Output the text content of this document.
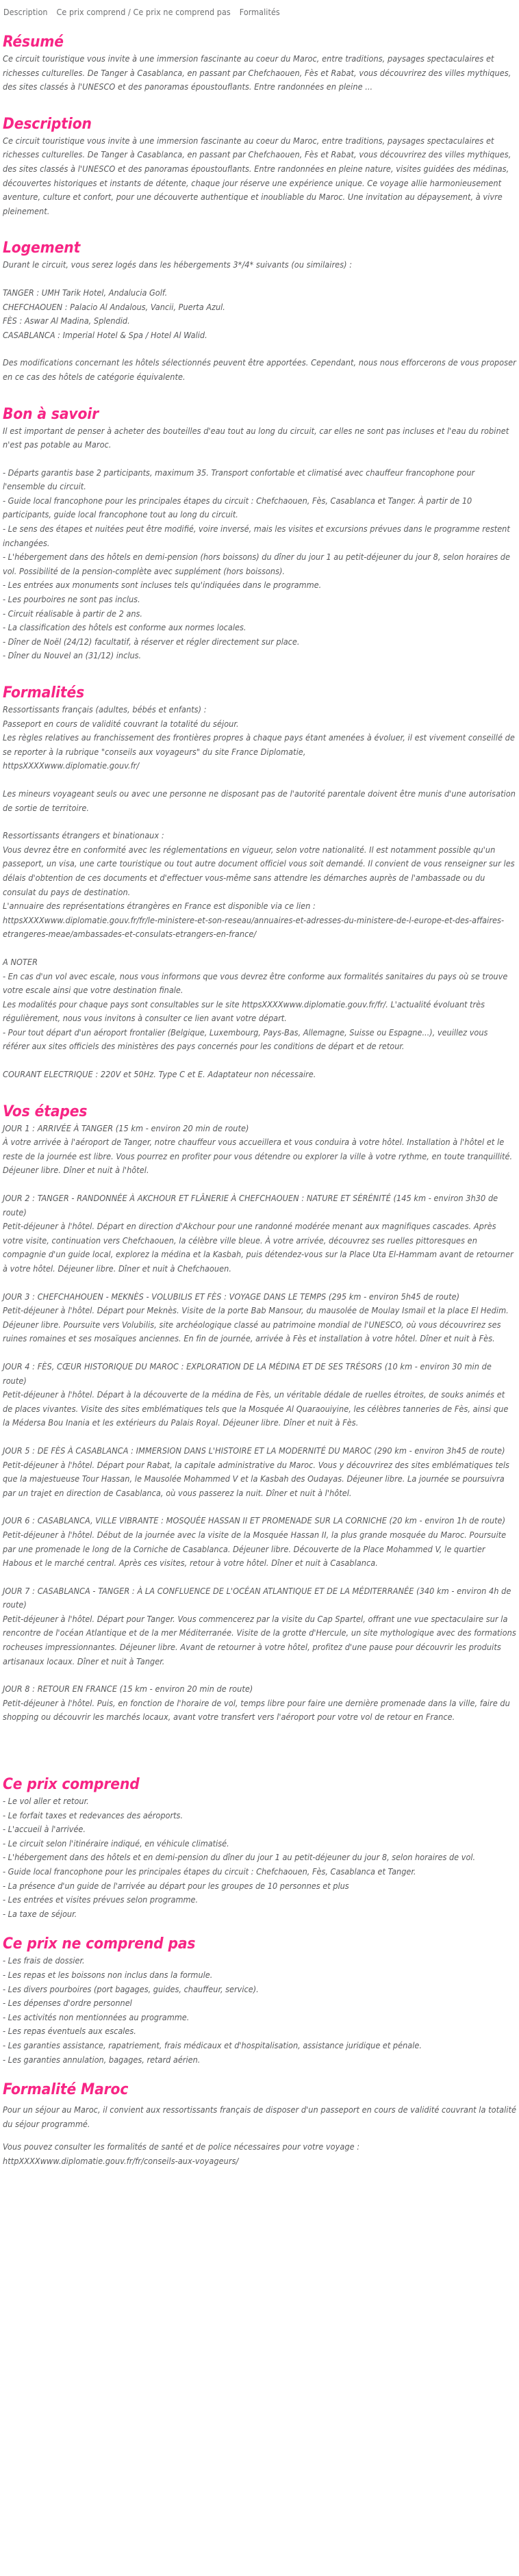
Description Ce prix comprend / Ce prix ne comprend pas Formalités
Résumé

Ce circuit touristique vous invite à une immersion fascinante au coeur du Maroc, entre traditions, paysages spectaculaires et richesses culturelles. De Tanger à Casablanca, en passant par Chefchaouen, Fès et Rabat, vous découvrirez des villes mythiques, des sites classés à l'UNESCO et des panoramas époustouflants. Entre randonnées en pleine ...

Description

Ce circuit touristique vous invite à une immersion fascinante au coeur du Maroc, entre traditions, paysages spectaculaires et richesses culturelles. De Tanger à Casablanca, en passant par Chefchaouen, Fès et Rabat, vous découvrirez des villes mythiques, des sites classés à l'UNESCO et des panoramas époustouflants. Entre randonnées en pleine nature, visites guidées des médinas, découvertes historiques et instants de détente, chaque jour réserve une expérience unique. Ce voyage allie harmonieusement aventure, culture et confort, pour une découverte authentique et inoubliable du Maroc. Une invitation au dépaysement, à vivre pleinement.

Logement

Durant le circuit, vous serez logés dans les hébergements 3*/4* suivants (ou similaires) :

TANGER : UMH Tarik Hotel, Andalucia Golf.
CHEFCHAOUEN : Palacio Al Andalous, Vancii, Puerta Azul.
FÈS : Aswar Al Madina, Splendid.
CASABLANCA : Imperial Hotel & Spa / Hotel Al Walid.

Des modifications concernant les hôtels sélectionnés peuvent être apportées. Cependant, nous nous efforcerons de vous proposer en ce cas des hôtels de catégorie équivalente.

Bon à savoir

Il est important de penser à acheter des bouteilles d'eau tout au long du circuit, car elles ne sont pas incluses et l'eau du robinet n'est pas potable au Maroc.

- Départs garantis base 2 participants, maximum 35. Transport confortable et climatisé avec chauffeur francophone pour l'ensemble du circuit.
- Guide local francophone pour les principales étapes du circuit : Chefchaouen, Fès, Casablanca et Tanger. À partir de 10 participants, guide local francophone tout au long du circuit.
- Le sens des étapes et nuitées peut être modifié, voire inversé, mais les visites et excursions prévues dans le programme restent inchangées.
- L'hébergement dans des hôtels en demi-pension (hors boissons) du dîner du jour 1 au petit-déjeuner du jour 8, selon horaires de vol. Possibilité de la pension-complète avec supplément (hors boissons).
- Les entrées aux monuments sont incluses tels qu'indiquées dans le programme.
- Les pourboires ne sont pas inclus.
- Circuit réalisable à partir de 2 ans.
- La classification des hôtels est conforme aux normes locales.
- Dîner de Noël (24/12) facultatif, à réserver et régler directement sur place.
- Dîner du Nouvel an (31/12) inclus.
Formalités

Ressortissants français (adultes, bébés et enfants) :

Passeport en cours de validité couvrant la totalité du séjour.

Les règles relatives au franchissement des frontières propres à chaque pays étant amenées à évoluer, il est vivement conseillé de se reporter à la rubrique "conseils aux voyageurs" du site France Diplomatie,

httpsXXXXwww.diplomatie.gouv.fr/

Les mineurs voyageant seuls ou avec une personne ne disposant pas de l'autorité parentale doivent être munis d'une autorisation de sortie de territoire.

Ressortissants étrangers et binationaux :

Vous devrez être en conformité avec les réglementations en vigueur, selon votre nationalité. Il est notamment possible qu'un passeport, un visa, une carte touristique ou tout autre document officiel vous soit demandé. Il convient de vous renseigner sur les délais d'obtention de ces documents et d'effectuer vous-même sans attendre les démarches auprès de l'ambassade ou du consulat du pays de destination.

L'annuaire des représentations étrangères en France est disponible via ce lien :

httpsXXXXwww.diplomatie.gouv.fr/fr/le-ministere-et-son-reseau/annuaires-et-adresses-du-ministere-de-l-europe-et-des-affaires-etrangeres-meae/ambassades-et-consulats-etrangers-en-france/

A NOTER

- En cas d'un vol avec escale, nous vous informons que vous devrez être conforme aux formalités sanitaires du pays où se trouve votre escale ainsi que votre destination finale.
Les modalités pour chaque pays sont consultables sur le site httpsXXXXwww.diplomatie.gouv.fr/fr/. L'actualité évoluant très régulièrement, nous vous invitons à consulter ce lien avant votre départ.
- Pour tout départ d'un aéroport frontalier (Belgique, Luxembourg, Pays-Bas, Allemagne, Suisse ou Espagne...), veuillez vous référer aux sites officiels des ministères des pays concernés pour les conditions de départ et de retour.

COURANT ELECTRIQUE : 220V et 50Hz. Type C et E. Adaptateur non nécessaire.

Vos étapes

JOUR 1 : ARRIVÉE À TANGER (15 km - environ 20 min de route)

À votre arrivée à l'aéroport de Tanger, notre chauffeur vous accueillera et vous conduira à votre hôtel. Installation à l'hôtel et le reste de la journée est libre. Vous pourrez en profiter pour vous détendre ou explorer la ville à votre rythme, en toute tranquillité. Déjeuner libre. Dîner et nuit à l'hôtel.

JOUR 2 : TANGER - RANDONNÉE À AKCHOUR ET FLÂNERIE À CHEFCHAOUEN : NATURE ET SÉRÉNITÉ (145 km - environ 3h30 de route)

Petit-déjeuner à l'hôtel. Départ en direction d'Akchour pour une randonné modérée menant aux magnifiques cascades. Après votre visite, continuation vers Chefchaouen, la célèbre ville bleue. À votre arrivée, découvrez ses ruelles pittoresques en compagnie d'un guide local, explorez la médina et la Kasbah, puis détendez-vous sur la Place Uta El-Hammam avant de retourner à votre hôtel. Déjeuner libre. Dîner et nuit à Chefchaouen.

JOUR 3 : CHEFCHAHOUEN - MEKNÈS - VOLUBILIS ET FÈS : VOYAGE DANS LE TEMPS (295 km - environ 5h45 de route)

Petit-déjeuner à l'hôtel. Départ pour Meknès. Visite de la porte Bab Mansour, du mausolée de Moulay Ismail et la place El Hedim. Déjeuner libre. Poursuite vers Volubilis, site archéologique classé au patrimoine mondial de l'UNESCO, où vous découvrirez ses ruines romaines et ses mosaïques anciennes. En fin de journée, arrivée à Fès et installation à votre hôtel. Dîner et nuit à Fès.

JOUR 4 : FÈS, CŒUR HISTORIQUE DU MAROC : EXPLORATION DE LA MÉDINA ET DE SES TRÉSORS (10 km - environ 30 min de route)

Petit-déjeuner à l'hôtel. Départ à la découverte de la médina de Fès, un véritable dédale de ruelles étroites, de souks animés et de places vivantes. Visite des sites emblématiques tels que la Mosquée Al Quaraouiyine, les célèbres tanneries de Fès, ainsi que la Médersa Bou Inania et les extérieurs du Palais Royal. Déjeuner libre. Dîner et nuit à Fès.

JOUR 5 : DE FÈS À CASABLANCA : IMMERSION DANS L'HISTOIRE ET LA MODERNITÉ DU MAROC (290 km - environ 3h45 de route)

Petit-déjeuner à l'hôtel. Départ pour Rabat, la capitale administrative du Maroc. Vous y découvrirez des sites emblématiques tels que la majestueuse Tour Hassan, le Mausolée Mohammed V et la Kasbah des Oudayas. Déjeuner libre. La journée se poursuivra par un trajet en direction de Casablanca, où vous passerez la nuit. Dîner et nuit à l'hôtel.

JOUR 6 : CASABLANCA, VILLE VIBRANTE : MOSQUÉE HASSAN II ET PROMENADE SUR LA CORNICHE (20 km - environ 1h de route)

Petit-déjeuner à l'hôtel. Début de la journée avec la visite de la Mosquée Hassan II, la plus grande mosquée du Maroc. Poursuite par une promenade le long de la Corniche de Casablanca. Déjeuner libre. Découverte de la Place Mohammed V, le quartier Habous et le marché central. Après ces visites, retour à votre hôtel. Dîner et nuit à Casablanca.

JOUR 7 : CASABLANCA - TANGER : À LA CONFLUENCE DE L'OCÉAN ATLANTIQUE ET DE LA MÉDITERRANÉE (340 km - environ 4h de route)

Petit-déjeuner à l'hôtel. Départ pour Tanger. Vous commencerez par la visite du Cap Spartel, offrant une vue spectaculaire sur la rencontre de l'océan Atlantique et de la mer Méditerranée. Visite de la grotte d'Hercule, un site mythologique avec des formations rocheuses impressionnantes. Déjeuner libre. Avant de retourner à votre hôtel, profitez d'une pause pour découvrir les produits artisanaux locaux. Dîner et nuit à Tanger.

JOUR 8 : RETOUR EN FRANCE (15 km - environ 20 min de route)

Petit-déjeuner à l'hôtel. Puis, en fonction de l'horaire de vol, temps libre pour faire une dernière promenade dans la ville, faire du shopping ou découvrir les marchés locaux, avant votre transfert vers l'aéroport pour votre vol de retour en France.

Ce prix comprend
- Le vol aller et retour.
- Le forfait taxes et redevances des aéroports.
- L'accueil à l'arrivée.
- Le circuit selon l'itinéraire indiqué, en véhicule climatisé.
- L'hébergement dans des hôtels et en demi-pension du dîner du jour 1 au petit-déjeuner du jour 8, selon horaires de vol.
- Guide local francophone pour les principales étapes du circuit : Chefchaouen, Fès, Casablanca et Tanger.
- La présence d'un guide de l'arrivée au départ pour les groupes de 10 personnes et plus
- Les entrées et visites prévues selon programme.
- La taxe de séjour.
Ce prix ne comprend pas
- Les frais de dossier.
- Les repas et les boissons non inclus dans la formule.
- Les divers pourboires (port bagages, guides, chauffeur, service).
- Les dépenses d'ordre personnel
- Les activités non mentionnées au programme.
- Les repas éventuels aux escales.
- Les garanties assistance, rapatriement, frais médicaux et d'hospitalisation, assistance juridique et pénale.
- Les garanties annulation, bagages, retard aérien.
Formalité Maroc

Pour un séjour au Maroc, il convient aux ressortissants français de disposer d'un passeport en cours de validité couvrant la totalité du séjour programmé.

Vous pouvez consulter les formalités de santé et de police nécessaires pour votre voyage :

httpXXXXwww.diplomatie.gouv.fr/fr/conseils-aux-voyageurs/
